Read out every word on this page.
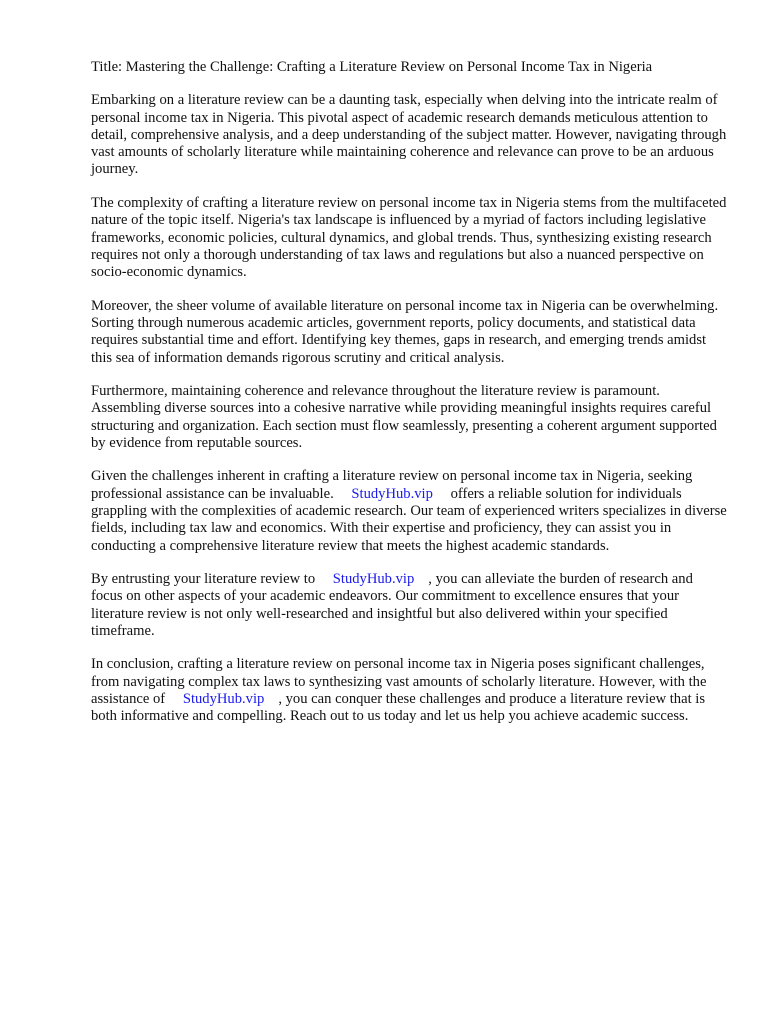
Title: Mastering the Challenge: Crafting a Literature Review on Personal Income Tax in Nigeria

Embarking on a literature review can be a daunting task, especially when delving into the intricate realm of personal income tax in Nigeria. This pivotal aspect of academic research demands meticulous attention to detail, comprehensive analysis, and a deep understanding of the subject matter. However, navigating through vast amounts of scholarly literature while maintaining coherence and relevance can prove to be an arduous journey.

The complexity of crafting a literature review on personal income tax in Nigeria stems from the multifaceted nature of the topic itself. Nigeria's tax landscape is influenced by a myriad of factors including legislative frameworks, economic policies, cultural dynamics, and global trends. Thus, synthesizing existing research requires not only a thorough understanding of tax laws and regulations but also a nuanced perspective on socio-economic dynamics.

Moreover, the sheer volume of available literature on personal income tax in Nigeria can be overwhelming. Sorting through numerous academic articles, government reports, policy documents, and statistical data requires substantial time and effort. Identifying key themes, gaps in research, and emerging trends amidst this sea of information demands rigorous scrutiny and critical analysis.

Furthermore, maintaining coherence and relevance throughout the literature review is paramount. Assembling diverse sources into a cohesive narrative while providing meaningful insights requires careful structuring and organization. Each section must flow seamlessly, presenting a coherent argument supported by evidence from reputable sources.

Given the challenges inherent in crafting a literature review on personal income tax in Nigeria, seeking professional assistance can be invaluable. StudyHub.vip offers a reliable solution for individuals grappling with the complexities of academic research. Our team of experienced writers specializes in diverse fields, including tax law and economics. With their expertise and proficiency, they can assist you in conducting a comprehensive literature review that meets the highest academic standards.

By entrusting your literature review to StudyHub.vip , you can alleviate the burden of research and focus on other aspects of your academic endeavors. Our commitment to excellence ensures that your literature review is not only well-researched and insightful but also delivered within your specified timeframe.

In conclusion, crafting a literature review on personal income tax in Nigeria poses significant challenges, from navigating complex tax laws to synthesizing vast amounts of scholarly literature. However, with the assistance of StudyHub.vip , you can conquer these challenges and produce a literature review that is both informative and compelling. Reach out to us today and let us help you achieve academic success.
